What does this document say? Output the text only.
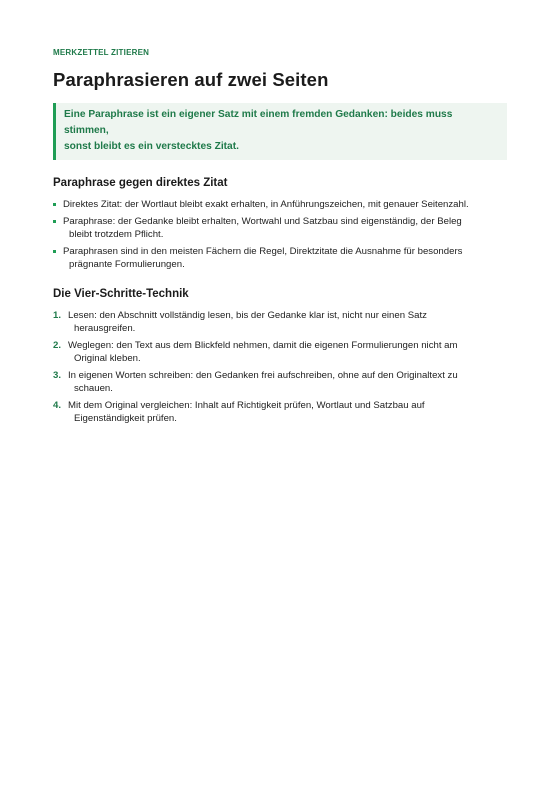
MERKZETTEL ZITIEREN

Paraphrasieren auf zwei Seiten

Eine Paraphrase ist ein eigener Satz mit einem fremden Gedanken: beides muss stimmen,
sonst bleibt es ein verstecktes Zitat.

Paraphrase gegen direktes Zitat
Direktes Zitat: der Wortlaut bleibt exakt erhalten, in Anführungszeichen, mit genauer Seitenzahl.
Paraphrase: der Gedanke bleibt erhalten, Wortwahl und Satzbau sind eigenständig, der Beleg
bleibt trotzdem Pflicht.
Paraphrasen sind in den meisten Fächern die Regel, Direktzitate die Ausnahme für besonders
prägnante Formulierungen.
Die Vier-Schritte-Technik
1. Lesen: den Abschnitt vollständig lesen, bis der Gedanke klar ist, nicht nur einen Satz
herausgreifen.
2. Weglegen: den Text aus dem Blickfeld nehmen, damit die eigenen Formulierungen nicht am
Original kleben.
3. In eigenen Worten schreiben: den Gedanken frei aufschreiben, ohne auf den Originaltext zu
schauen.
4. Mit dem Original vergleichen: Inhalt auf Richtigkeit prüfen, Wortlaut und Satzbau auf
Eigenständigkeit prüfen.
